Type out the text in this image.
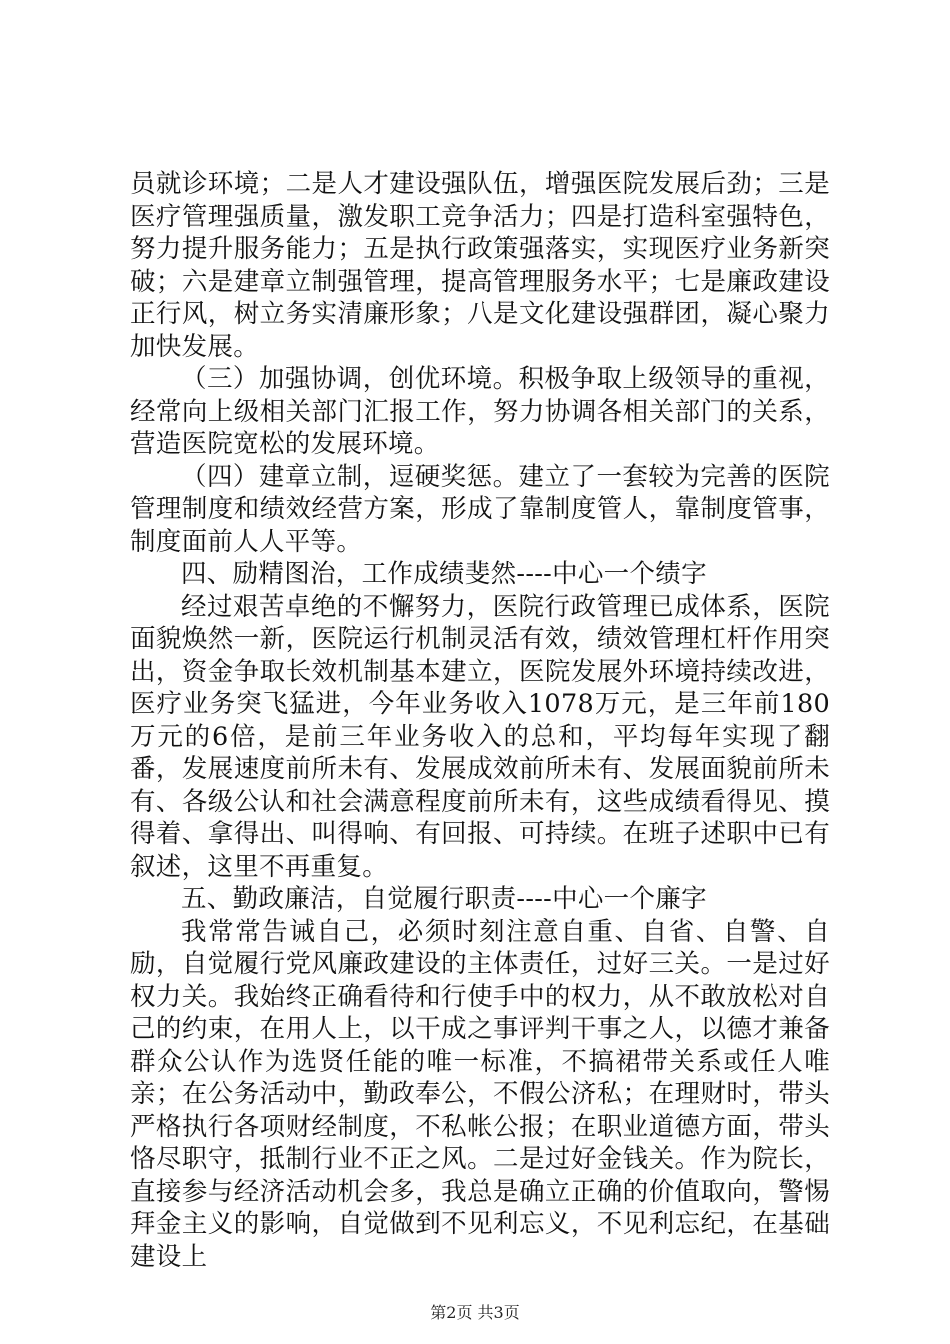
员就诊环境；二是人才建设强队伍，增强医院发展后劲；三是医疗管理强质量，激发职工竞争活力；四是打造科室强特色，努力提升服务能力；五是执行政策强落实，实现医疗业务新突破；六是建章立制强管理，提高管理服务水平；七是廉政建设正行风，树立务实清廉形象；八是文化建设强群团，凝心聚力加快发展。

（三）加强协调，创优环境。积极争取上级领导的重视，经常向上级相关部门汇报工作，努力协调各相关部门的关系，营造医院宽松的发展环境。

（四）建章立制，逗硬奖惩。建立了一套较为完善的医院管理制度和绩效经营方案，形成了靠制度管人，靠制度管事，制度面前人人平等。

四、励精图治，工作成绩斐然----中心一个绩字

经过艰苦卓绝的不懈努力，医院行政管理已成体系，医院面貌焕然一新，医院运行机制灵活有效，绩效管理杠杆作用突出，资金争取长效机制基本建立，医院发展外环境持续改进，医疗业务突飞猛进，今年业务收入1078万元，是三年前180万元的6倍，是前三年业务收入的总和，平均每年实现了翻番，发展速度前所未有、发展成效前所未有、发展面貌前所未有、各级公认和社会满意程度前所未有，这些成绩看得见、摸得着、拿得出、叫得响、有回报、可持续。在班子述职中已有叙述，这里不再重复。

五、勤政廉洁，自觉履行职责----中心一个廉字

我常常告诫自己，必须时刻注意自重、自省、自警、自励，自觉履行党风廉政建设的主体责任，过好三关。一是过好权力关。我始终正确看待和行使手中的权力，从不敢放松对自己的约束，在用人上，以干成之事评判干事之人，以德才兼备群众公认作为选贤任能的唯一标准，不搞裙带关系或任人唯亲；在公务活动中，勤政奉公，不假公济私；在理财时，带头严格执行各项财经制度，不私帐公报；在职业道德方面，带头恪尽职守，抵制行业不正之风。二是过好金钱关。作为院长，直接参与经济活动机会多，我总是确立正确的价值取向，警惕拜金主义的影响，自觉做到不见利忘义，不见利忘纪，在基础建设上

第2页 共3页
